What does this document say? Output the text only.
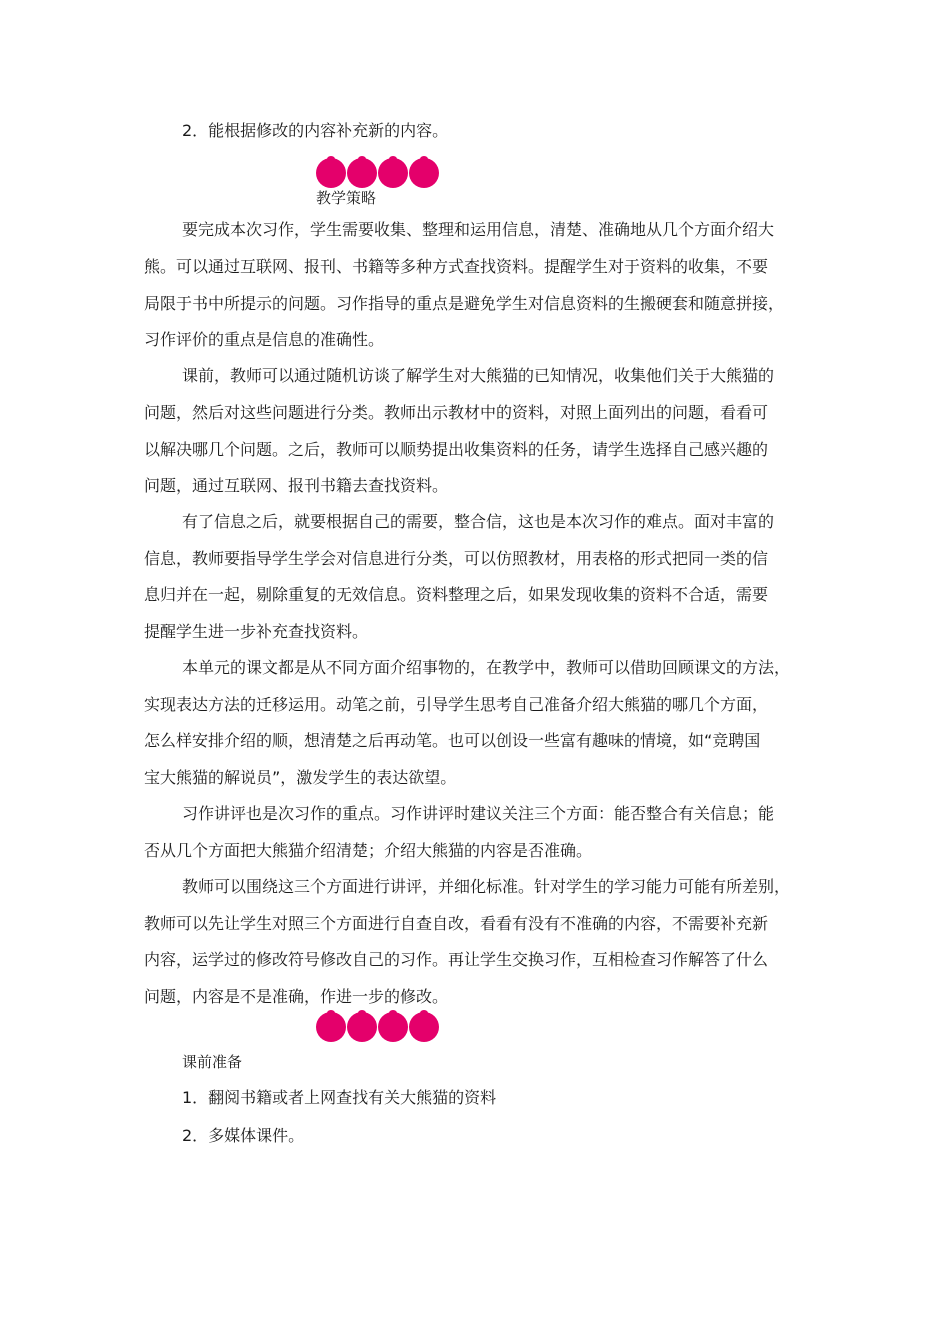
2．能根据修改的内容补充新的内容。
教学策略
要完成本次习作，学生需要收集、整理和运用信息，清楚、准确地从几个方面介绍大
熊。可以通过互联网、报刊、书籍等多种方式查找资料。提醒学生对于资料的收集，不要
局限于书中所提示的问题。习作指导的重点是避免学生对信息资料的生搬硬套和随意拼接，
习作评价的重点是信息的准确性。
课前，教师可以通过随机访谈了解学生对大熊猫的已知情况，收集他们关于大熊猫的
问题，然后对这些问题进行分类。教师出示教材中的资料，对照上面列出的问题，看看可
以解决哪几个问题。之后，教师可以顺势提出收集资料的任务，请学生选择自己感兴趣的
问题，通过互联网、报刊书籍去查找资料。
有了信息之后，就要根据自己的需要，整合信，这也是本次习作的难点。面对丰富的
信息，教师要指导学生学会对信息进行分类，可以仿照教材，用表格的形式把同一类的信
息归并在一起，剔除重复的无效信息。资料整理之后，如果发现收集的资料不合适，需要
提醒学生进一步补充查找资料。
本单元的课文都是从不同方面介绍事物的，在教学中，教师可以借助回顾课文的方法，
实现表达方法的迁移运用。动笔之前，引导学生思考自己准备介绍大熊猫的哪几个方面，
怎么样安排介绍的顺，想清楚之后再动笔。也可以创设一些富有趣味的情境，如“竞聘国
宝大熊猫的解说员”，激发学生的表达欲望。
习作讲评也是次习作的重点。习作讲评时建议关注三个方面：能否整合有关信息；能
否从几个方面把大熊猫介绍清楚；介绍大熊猫的内容是否准确。
教师可以围绕这三个方面进行讲评，并细化标准。针对学生的学习能力可能有所差别，
教师可以先让学生对照三个方面进行自查自改，看看有没有不准确的内容，不需要补充新
内容，运学过的修改符号修改自己的习作。再让学生交换习作，互相检查习作解答了什么
问题，内容是不是准确，作进一步的修改。
课前准备
1．翻阅书籍或者上网查找有关大熊猫的资料
2．多媒体课件。
